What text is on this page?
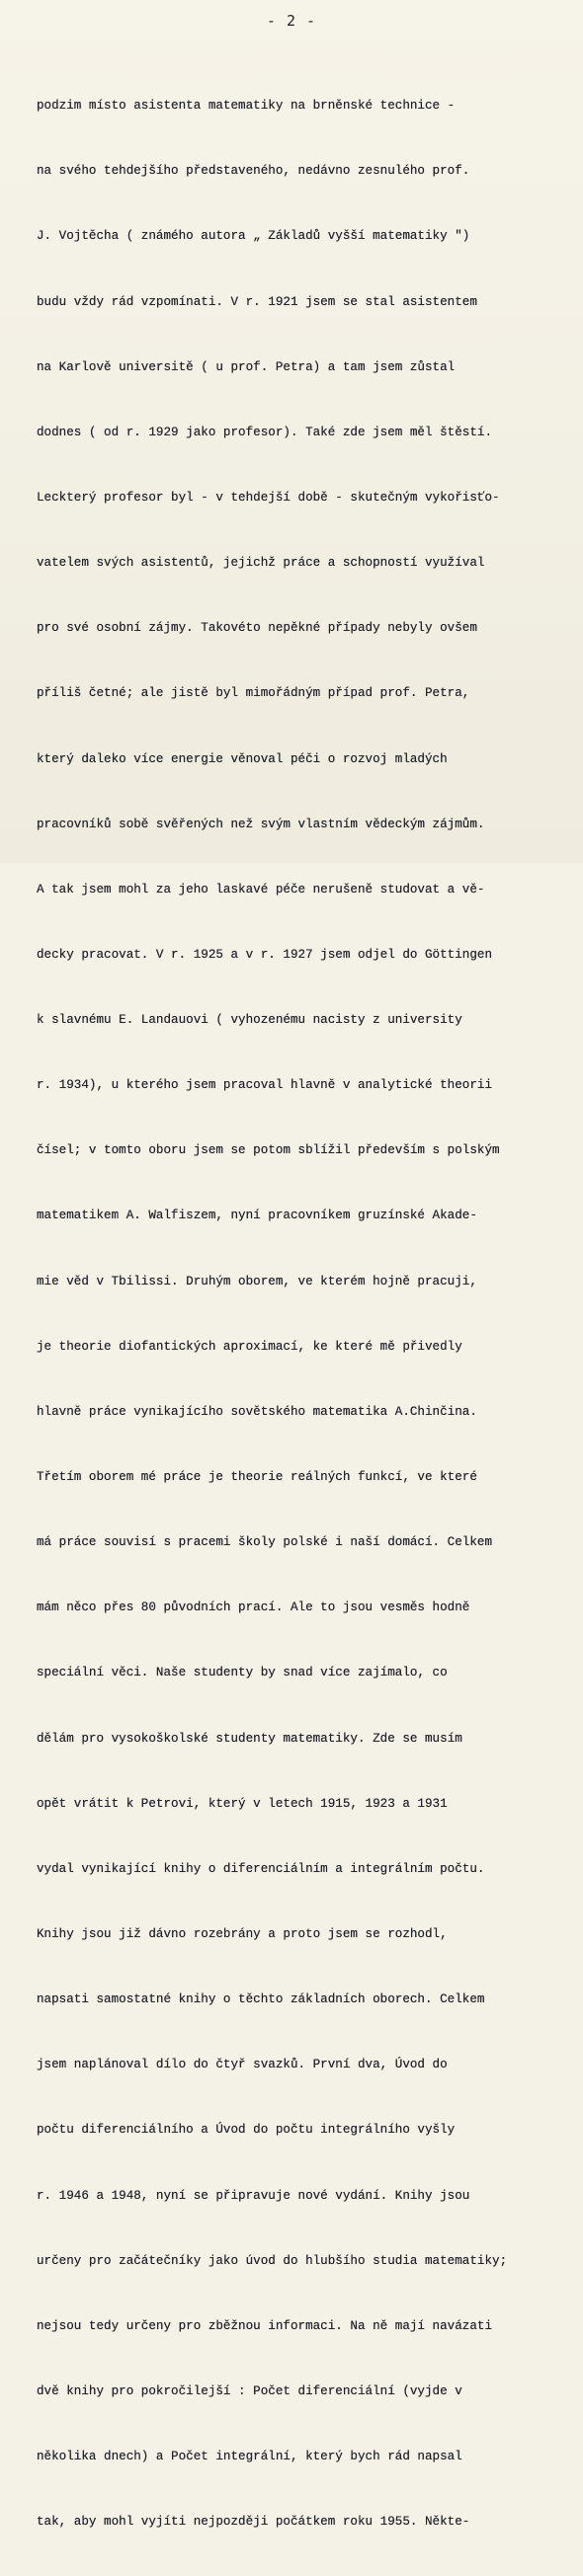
- 2 -

podzim místo asistenta matematiky na brněnské technice -

na svého tehdejšího představeného, nedávno zesnulého prof.

J. Vojtěcha ( známého autora „ Základů vyšší matematiky ")

budu vždy rád vzpomínati. V r. 1921 jsem se stal asistentem

na Karlově universitě ( u prof. Petra) a tam jsem zůstal

dodnes ( od r. 1929 jako profesor). Také zde jsem měl štěstí.

Leckterý profesor byl - v tehdejší době - skutečným vykořisťo-

vatelem svých asistentů, jejichž práce a schopností využíval

pro své osobní zájmy. Takovéto nepěkné případy nebyly ovšem

příliš četné; ale jistě byl mimořádným případ prof. Petra,

který daleko více energie věnoval péči o rozvoj mladých

pracovníků sobě svěřených než svým vlastním vědeckým zájmům.

A tak jsem mohl za jeho laskavé péče nerušeně studovat a vě-

decky pracovat. V r. 1925 a v r. 1927 jsem odjel do Göttingen

k slavnému E. Landauovi ( vyhozenému nacisty z university

r. 1934), u kterého jsem pracoval hlavně v analytické theorii

čísel; v tomto oboru jsem se potom sblížil především s polským

matematikem A. Walfiszem, nyní pracovníkem gruzínské Akade-

mie věd v Tbilissi. Druhým oborem, ve kterém hojně pracuji,

je theorie diofantických aproximací, ke které mě přivedly

hlavně práce vynikajícího sovětského matematika A.Chinčina.

Třetím oborem mé práce je theorie reálných funkcí, ve které

má práce souvisí s pracemi školy polské i naší domácí. Celkem

mám něco přes 80 původních prací. Ale to jsou vesměs hodně

speciální věci. Naše studenty by snad více zajímalo, co

dělám pro vysokoškolské studenty matematiky. Zde se musím

opět vrátit k Petrovi, který v letech 1915, 1923 a 1931

vydal vynikající knihy o diferenciálním a integrálním počtu.

Knihy jsou již dávno rozebrány a proto jsem se rozhodl,

napsati samostatné knihy o těchto základních oborech. Celkem

jsem naplánoval dílo do čtyř svazků. První dva, Úvod do

počtu diferenciálního a Úvod do počtu integrálního vyšly

r. 1946 a 1948, nyní se připravuje nové vydání. Knihy jsou

určeny pro začátečníky jako úvod do hlubšího studia matematiky;

nejsou tedy určeny pro zběžnou informaci. Na ně mají navázati

dvě knihy pro pokročilejší : Počet diferenciální (vyjde v

několika dnech) a Počet integrální, který bych rád napsal

tak, aby mohl vyjíti nejpozději počátkem roku 1955. Někte-
